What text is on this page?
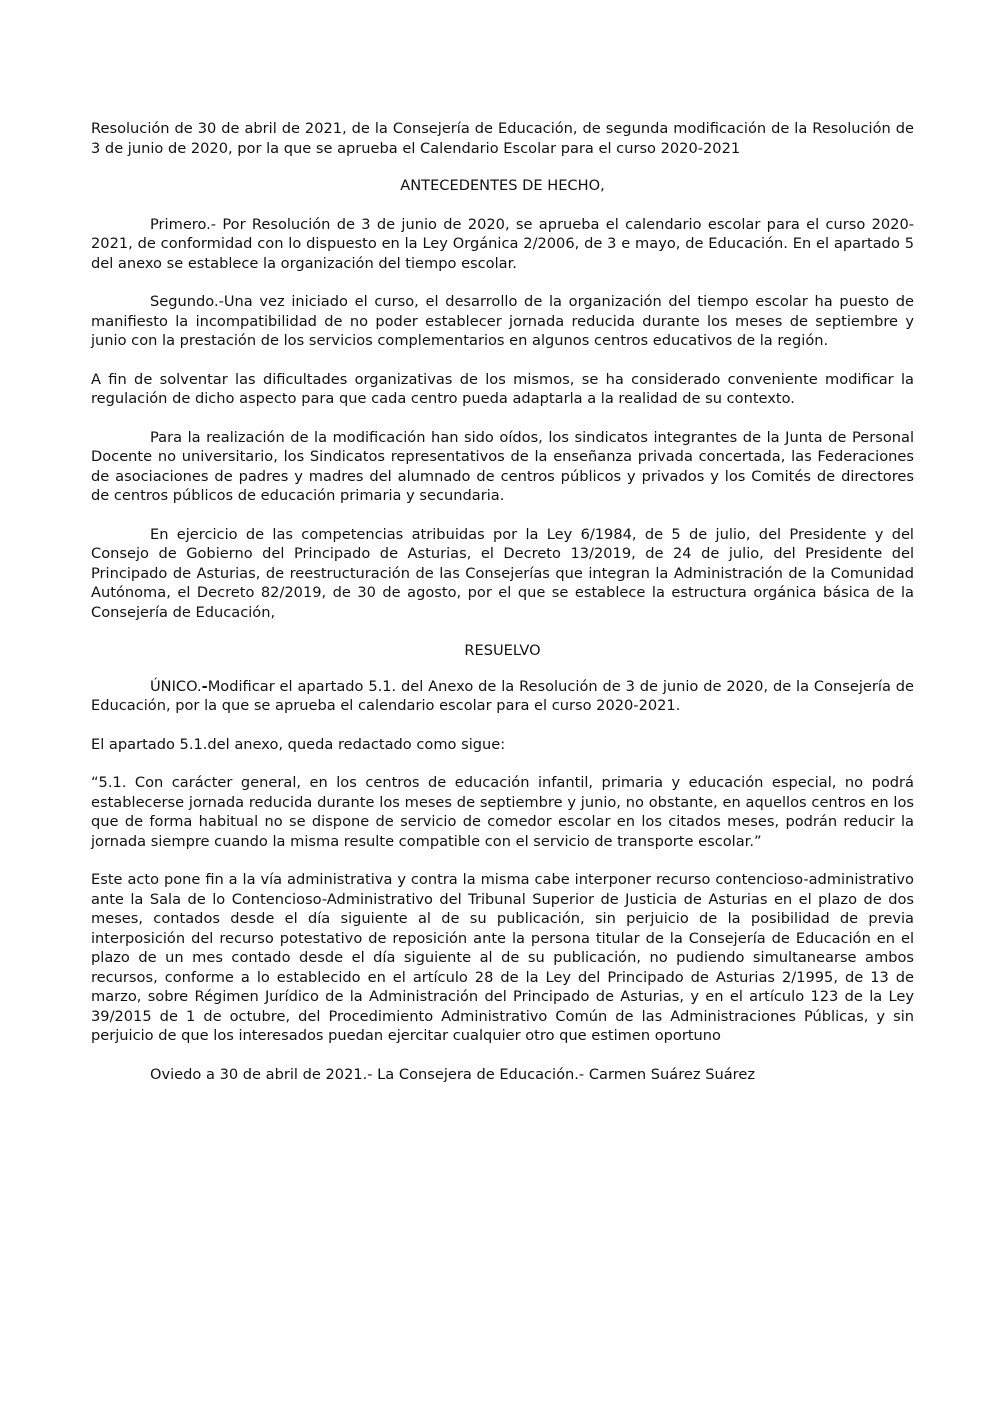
Resolución de 30 de abril de 2021, de la Consejería de Educación, de segunda modificación de la Resolución de 3 de junio de 2020, por la que se aprueba el Calendario Escolar para el curso 2020-2021

ANTECEDENTES DE HECHO,

Primero.- Por Resolución de 3 de junio de 2020, se aprueba el calendario escolar para el curso 2020-2021, de conformidad con lo dispuesto en la Ley Orgánica 2/2006, de 3 e mayo, de Educación. En el apartado 5 del anexo se establece la organización del tiempo escolar.

Segundo.-Una vez iniciado el curso, el desarrollo de la organización del tiempo escolar ha puesto de manifiesto la incompatibilidad de no poder establecer jornada reducida durante los meses de septiembre y junio con la prestación de los servicios complementarios en algunos centros educativos de la región.

A fin de solventar las dificultades organizativas de los mismos, se ha considerado conveniente modificar la regulación de dicho aspecto para que cada centro pueda adaptarla a la realidad de su contexto.

Para la realización de la modificación han sido oídos, los sindicatos integrantes de la Junta de Personal Docente no universitario, los Sindicatos representativos de la enseñanza privada concertada, las Federaciones de asociaciones de padres y madres del alumnado de centros públicos y privados y los Comités de directores de centros públicos de educación primaria y secundaria.

En ejercicio de las competencias atribuidas por la Ley 6/1984, de 5 de julio, del Presidente y del Consejo de Gobierno del Principado de Asturias, el Decreto 13/2019, de 24 de julio, del Presidente del Principado de Asturias, de reestructuración de las Consejerías que integran la Administración de la Comunidad Autónoma, el Decreto 82/2019, de 30 de agosto, por el que se establece la estructura orgánica básica de la Consejería de Educación,

RESUELVO

ÚNICO.-Modificar el apartado 5.1. del Anexo de la Resolución de 3 de junio de 2020, de la Consejería de Educación, por la que se aprueba el calendario escolar para el curso 2020-2021.

El apartado 5.1.del anexo, queda redactado como sigue:

“5.1. Con carácter general, en los centros de educación infantil, primaria y educación especial, no podrá establecerse jornada reducida durante los meses de septiembre y junio, no obstante, en aquellos centros en los que de forma habitual no se dispone de servicio de comedor escolar en los citados meses, podrán reducir la jornada siempre cuando la misma resulte compatible con el servicio de transporte escolar.”

Este acto pone fin a la vía administrativa y contra la misma cabe interponer recurso contencioso-administrativo ante la Sala de lo Contencioso-Administrativo del Tribunal Superior de Justicia de Asturias en el plazo de dos meses, contados desde el día siguiente al de su publicación, sin perjuicio de la posibilidad de previa interposición del recurso potestativo de reposición ante la persona titular de la Consejería de Educación en el plazo de un mes contado desde el día siguiente al de su publicación, no pudiendo simultanearse ambos recursos, conforme a lo establecido en el artículo 28 de la Ley del Principado de Asturias 2/1995, de 13 de marzo, sobre Régimen Jurídico de la Administración del Principado de Asturias, y en el artículo 123 de la Ley 39/2015 de 1 de octubre, del Procedimiento Administrativo Común de las Administraciones Públicas, y sin perjuicio de que los interesados puedan ejercitar cualquier otro que estimen oportuno

Oviedo a 30 de abril de 2021.- La Consejera de Educación.- Carmen Suárez Suárez
